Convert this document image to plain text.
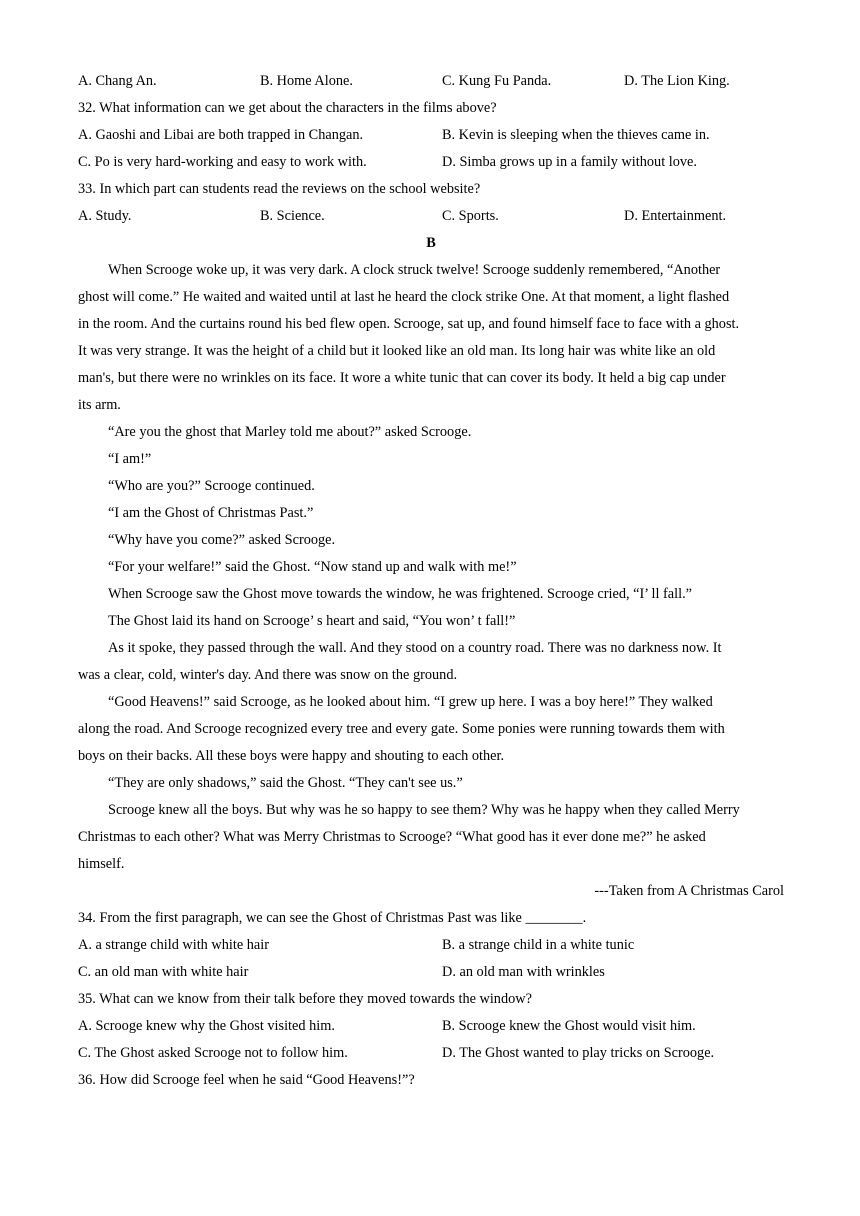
A. Chang An.	B. Home Alone.	C. Kung Fu Panda.	D. The Lion King.
32. What information can we get about the characters in the films above?
A. Gaoshi and Libai are both trapped in Changan.	B. Kevin is sleeping when the thieves came in.
C. Po is very hard-working and easy to work with.	D. Simba grows up in a family without love.
33. In which part can students read the reviews on the school website?
A. Study.	B. Science.	C. Sports.	D. Entertainment.
B
When Scrooge woke up, it was very dark. A clock struck twelve! Scrooge suddenly remembered, “Another
ghost will come.” He waited and waited until at last he heard the clock strike One. At that moment, a light flashed
in the room. And the curtains round his bed flew open. Scrooge, sat up, and found himself face to face with a ghost.
It was very strange. It was the height of a child but it looked like an old man. Its long hair was white like an old
man's, but there were no wrinkles on its face. It wore a white tunic that can cover its body. It held a big cap under
its arm.
“Are you the ghost that Marley told me about?” asked Scrooge.
“I am!”
“Who are you?” Scrooge continued.
“I am the Ghost of Christmas Past.”
“Why have you come?” asked Scrooge.
“For your welfare!” said the Ghost. “Now stand up and walk with me!”
When Scrooge saw the Ghost move towards the window, he was frightened. Scrooge cried, “I’ ll fall.”
The Ghost laid its hand on Scrooge’ s heart and said, “You won’ t fall!”
As it spoke, they passed through the wall. And they stood on a country road. There was no darkness now. It
was a clear, cold, winter's day. And there was snow on the ground.
“Good Heavens!” said Scrooge, as he looked about him. “I grew up here. I was a boy here!” They walked
along the road. And Scrooge recognized every tree and every gate. Some ponies were running towards them with
boys on their backs. All these boys were happy and shouting to each other.
“They are only shadows,” said the Ghost. “They can't see us.”
Scrooge knew all the boys. But why was he so happy to see them? Why was he happy when they called Merry
Christmas to each other? What was Merry Christmas to Scrooge? “What good has it ever done me?” he asked
himself.
---Taken from A Christmas Carol
34. From the first paragraph, we can see the Ghost of Christmas Past was like ________.
A. a strange child with white hair	B. a strange child in a white tunic
C. an old man with white hair	D. an old man with wrinkles
35. What can we know from their talk before they moved towards the window?
A. Scrooge knew why the Ghost visited him.	B. Scrooge knew the Ghost would visit him.
C. The Ghost asked Scrooge not to follow him.	D. The Ghost wanted to play tricks on Scrooge.
36. How did Scrooge feel when he said “Good Heavens!”?
